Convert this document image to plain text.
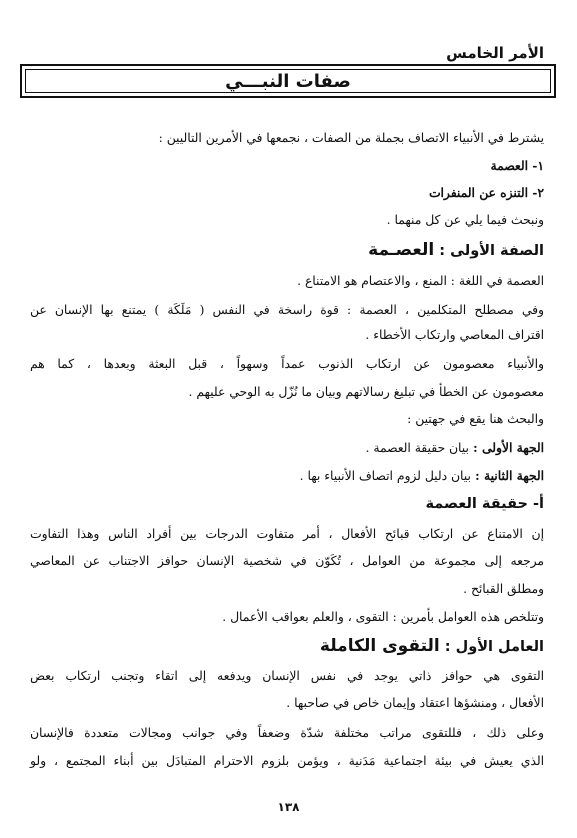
الأمر الخامس
صفات النبـــي
يشترط في الأنبياء الاتصاف بجملة من الصفات ، نجمعها في الأمرين التاليين :
١- العصمة
٢- التنزه عن المنفرات
ونبحث فيما يلي عن كل منهما .
الصفة الأولى : العصـمة
العصمة في اللغة : المنع ، والاعتصام هو الامتناع .
وفي مصطلح المتكلمين ، العصمة : قوة راسخة في النفس ( مَلَكَة ) يمتنع بها الإنسان عن
اقتراف المعاصي وارتكاب الأخطاء .
والأنبياء معصومون عن ارتكاب الذنوب عمداً وسهواً ، قبل البعثة وبعدها ، كما هم
معصومون عن الخطأ في تبليغ رسالاتهم وبيان ما نُزّل به الوحي عليهم .
والبحث هنا يقع في جهتين :
الجهة الأولى : بيان حقيقة العصمة .
الجهة الثانية : بيان دليل لزوم اتصاف الأنبياء بها .
أ- حقيقة العصمة
إن الامتناع عن ارتكاب قبائح الأفعال ، أمر متفاوت الدرجات بين أفراد الناس وهذا التفاوت
مرجعه إلى مجموعة من العوامل ، تُكَوّن في شخصية الإنسان حوافز الاجتناب عن المعاصي
ومطلق القبائح .
وتتلخص هذه العوامل بأمرين : التقوى ، والعلم بعواقب الأعمال .
العامل الأول : التقوى الكاملة
التقوى هي حوافز ذاتي يوجد في نفس الإنسان ويدفعه إلى اتقاء وتجنب ارتكاب بعض
الأفعال ، ومنشؤها اعتقاد وإيمان خاص في صاحبها .
وعلى ذلك ، فللتقوى مراتب مختلفة شدّة وضعفاً وفي جوانب ومجالات متعددة فالإنسان
الذي يعيش في بيئة اجتماعية مَدَنية ، ويؤمن بلزوم الاحترام المتبادَل بين أبناء المجتمع ، ولو
١٣٨
